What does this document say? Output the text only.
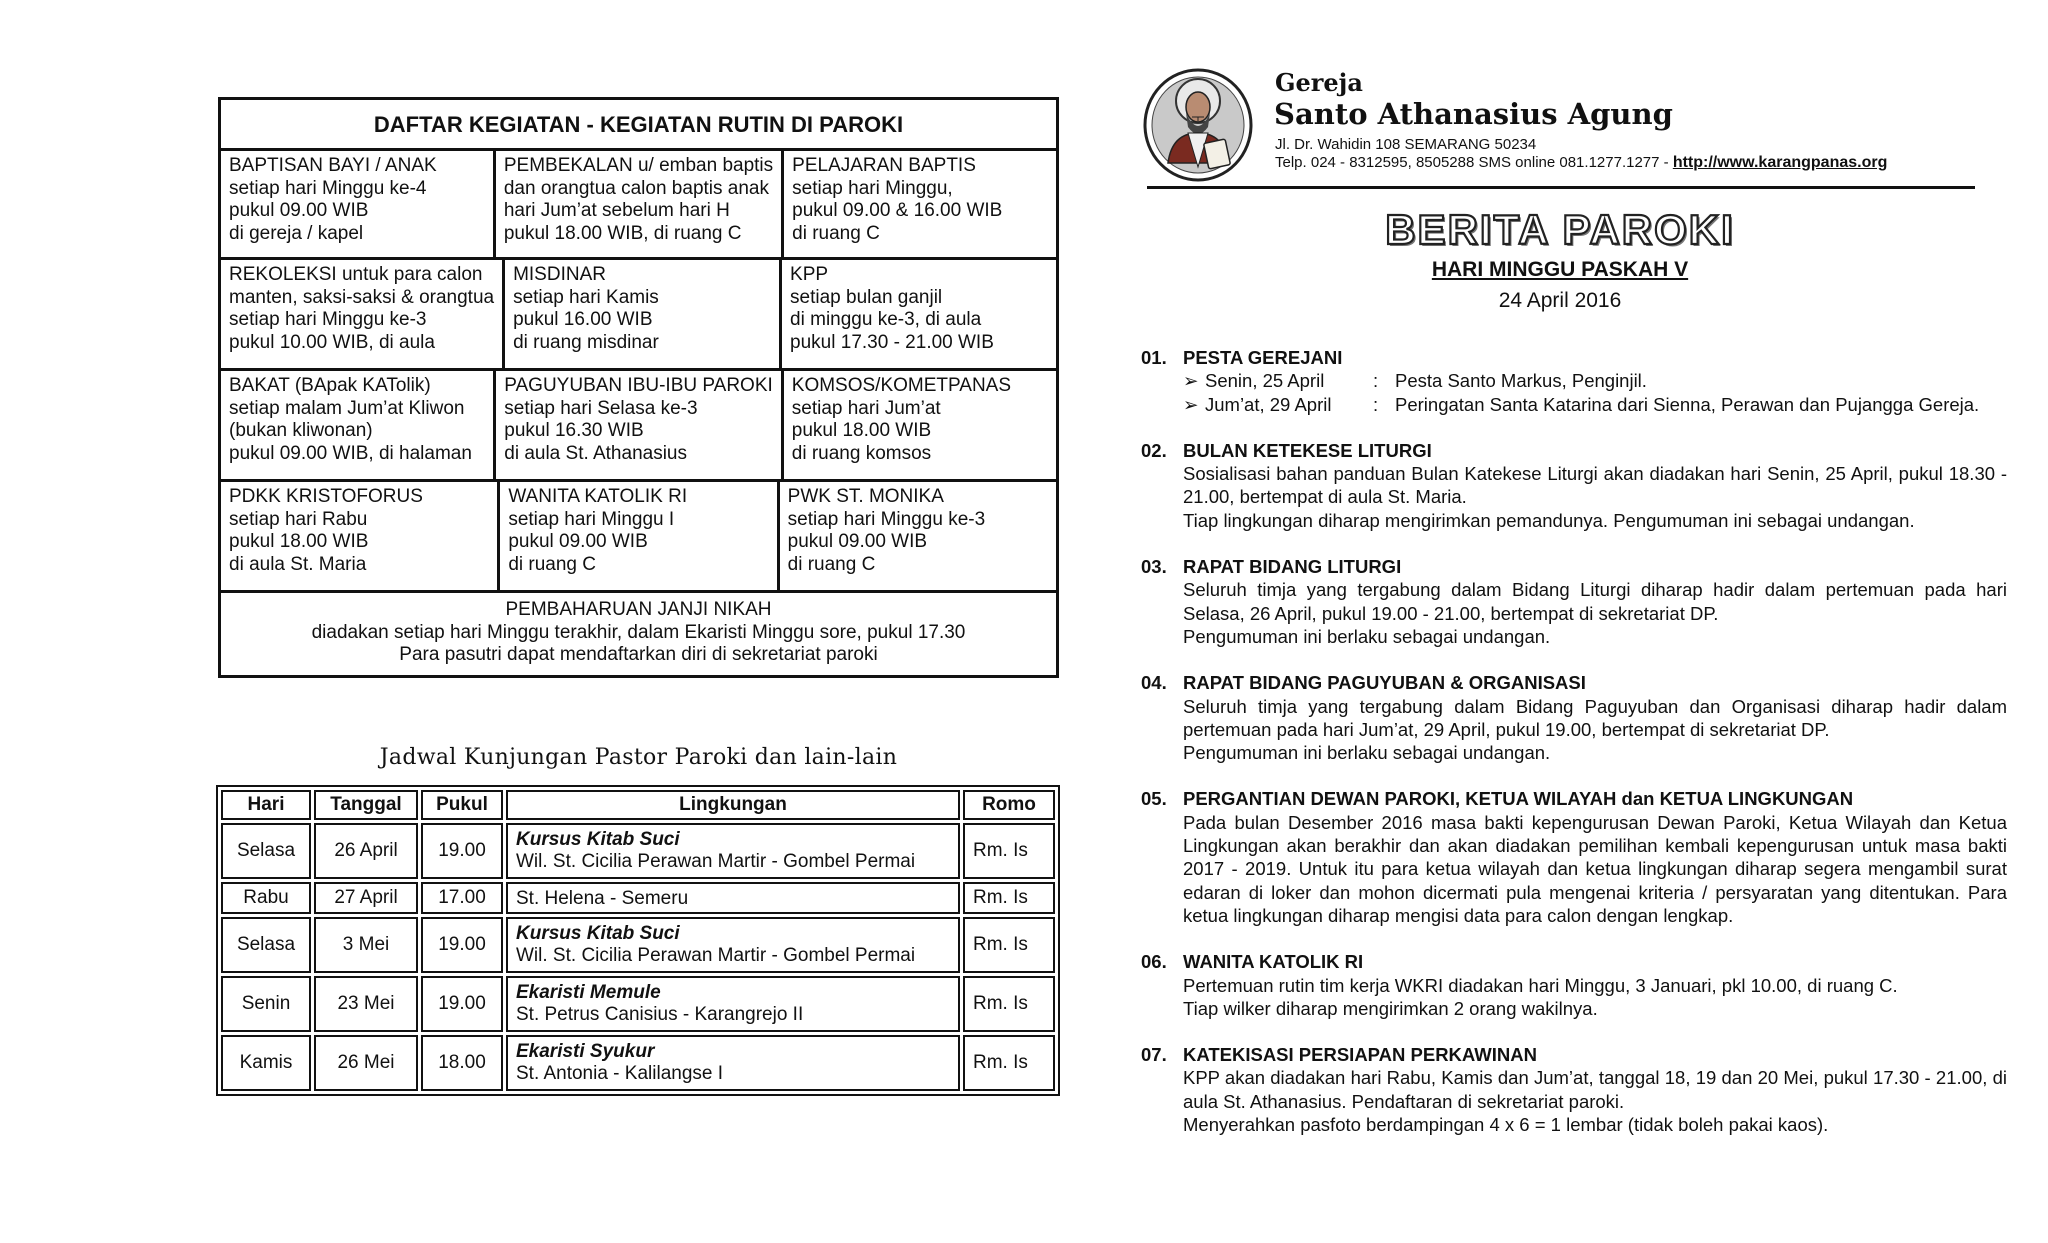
DAFTAR KEGIATAN - KEGIATAN RUTIN DI PAROKI
BAPTISAN BAYI / ANAK
setiap hari Minggu ke-4
pukul 09.00 WIB
di gereja / kapel
PEMBEKALAN u/ emban baptis
dan orangtua calon baptis anak
hari Jum’at sebelum hari H
pukul 18.00 WIB, di ruang C
PELAJARAN BAPTIS
setiap hari Minggu,
pukul 09.00 & 16.00 WIB
di ruang C
REKOLEKSI untuk para calon
manten, saksi-saksi & orangtua
setiap hari Minggu ke-3
pukul 10.00 WIB, di aula
MISDINAR
setiap hari Kamis
pukul 16.00 WIB
di ruang misdinar
KPP
setiap bulan ganjil
di minggu ke-3, di aula
pukul 17.30 - 21.00 WIB
BAKAT (BApak KATolik)
setiap malam Jum’at Kliwon
(bukan kliwonan)
pukul 09.00 WIB, di halaman
PAGUYUBAN IBU-IBU PAROKI
setiap hari Selasa ke-3
pukul 16.30 WIB
di aula St. Athanasius
KOMSOS/KOMETPANAS
setiap hari Jum’at
pukul 18.00 WIB
di ruang komsos
PDKK KRISTOFORUS
setiap hari Rabu
pukul 18.00 WIB
di aula St. Maria
WANITA KATOLIK RI
setiap hari Minggu I
pukul 09.00 WIB
di ruang C
PWK ST. MONIKA
setiap hari Minggu ke-3
pukul 09.00 WIB
di ruang C
PEMBAHARUAN JANJI NIKAH
diadakan setiap hari Minggu terakhir, dalam Ekaristi Minggu sore, pukul 17.30
Para pasutri dapat mendaftarkan diri di sekretariat paroki
Jadwal Kunjungan Pastor Paroki dan lain-lain
Hari	Tanggal	Pukul	Lingkungan	Romo
Selasa	26 April	19.00	Kursus Kitab Suci
Wil. St. Cicilia Perawan Martir - Gombel Permai	Rm. Is
Rabu	27 April	17.00	St. Helena - Semeru	Rm. Is
Selasa	3 Mei	19.00	Kursus Kitab Suci
Wil. St. Cicilia Perawan Martir - Gombel Permai	Rm. Is
Senin	23 Mei	19.00	Ekaristi Memule
St. Petrus Canisius - Karangrejo II	Rm. Is
Kamis	26 Mei	18.00	Ekaristi Syukur
St. Antonia - Kalilangse I	Rm. Is
Gereja
Santo Athanasius Agung
Jl. Dr. Wahidin 108 SEMARANG 50234
Telp. 024 - 8312595, 8505288 SMS online 081.1277.1277 - http://www.karangpanas.org
BERITA PAROKI
HARI MINGGU PASKAH V
24 April 2016
01. PESTA GEREJANI
➢ Senin, 25 April	: Pesta Santo Markus, Penginjil.
➢ Jum’at, 29 April	: Peringatan Santa Katarina dari Sienna, Perawan dan Pujangga Gereja.
02. BULAN KETEKESE LITURGI
Sosialisasi bahan panduan Bulan Katekese Liturgi akan diadakan hari Senin, 25 April, pukul 18.30 - 21.00, bertempat di aula St. Maria.
Tiap lingkungan diharap mengirimkan pemandunya. Pengumuman ini sebagai undangan.
03. RAPAT BIDANG LITURGI
Seluruh timja yang tergabung dalam Bidang Liturgi diharap hadir dalam pertemuan pada hari Selasa, 26 April, pukul 19.00 - 21.00, bertempat di sekretariat DP.
Pengumuman ini berlaku sebagai undangan.
04. RAPAT BIDANG PAGUYUBAN & ORGANISASI
Seluruh timja yang tergabung dalam Bidang Paguyuban dan Organisasi diharap hadir dalam pertemuan pada hari Jum’at, 29 April, pukul 19.00, bertempat di sekretariat DP.
Pengumuman ini berlaku sebagai undangan.
05. PERGANTIAN DEWAN PAROKI, KETUA WILAYAH dan KETUA LINGKUNGAN
Pada bulan Desember 2016 masa bakti kepengurusan Dewan Paroki, Ketua Wilayah dan Ketua Lingkungan akan berakhir dan akan diadakan pemilihan kembali kepengurusan untuk masa bakti 2017 - 2019. Untuk itu para ketua wilayah dan ketua lingkungan diharap segera mengambil surat edaran di loker dan mohon dicermati pula mengenai kriteria / persyaratan yang ditentukan. Para ketua lingkungan diharap mengisi data para calon dengan lengkap.
06. WANITA KATOLIK RI
Pertemuan rutin tim kerja WKRI diadakan hari Minggu, 3 Januari, pkl 10.00, di ruang C.
Tiap wilker diharap mengirimkan 2 orang wakilnya.
07. KATEKISASI PERSIAPAN PERKAWINAN
KPP akan diadakan hari Rabu, Kamis dan Jum’at, tanggal 18, 19 dan 20 Mei, pukul 17.30 - 21.00, di aula St. Athanasius. Pendaftaran di sekretariat paroki.
Menyerahkan pasfoto berdampingan 4 x 6 = 1 lembar (tidak boleh pakai kaos).
